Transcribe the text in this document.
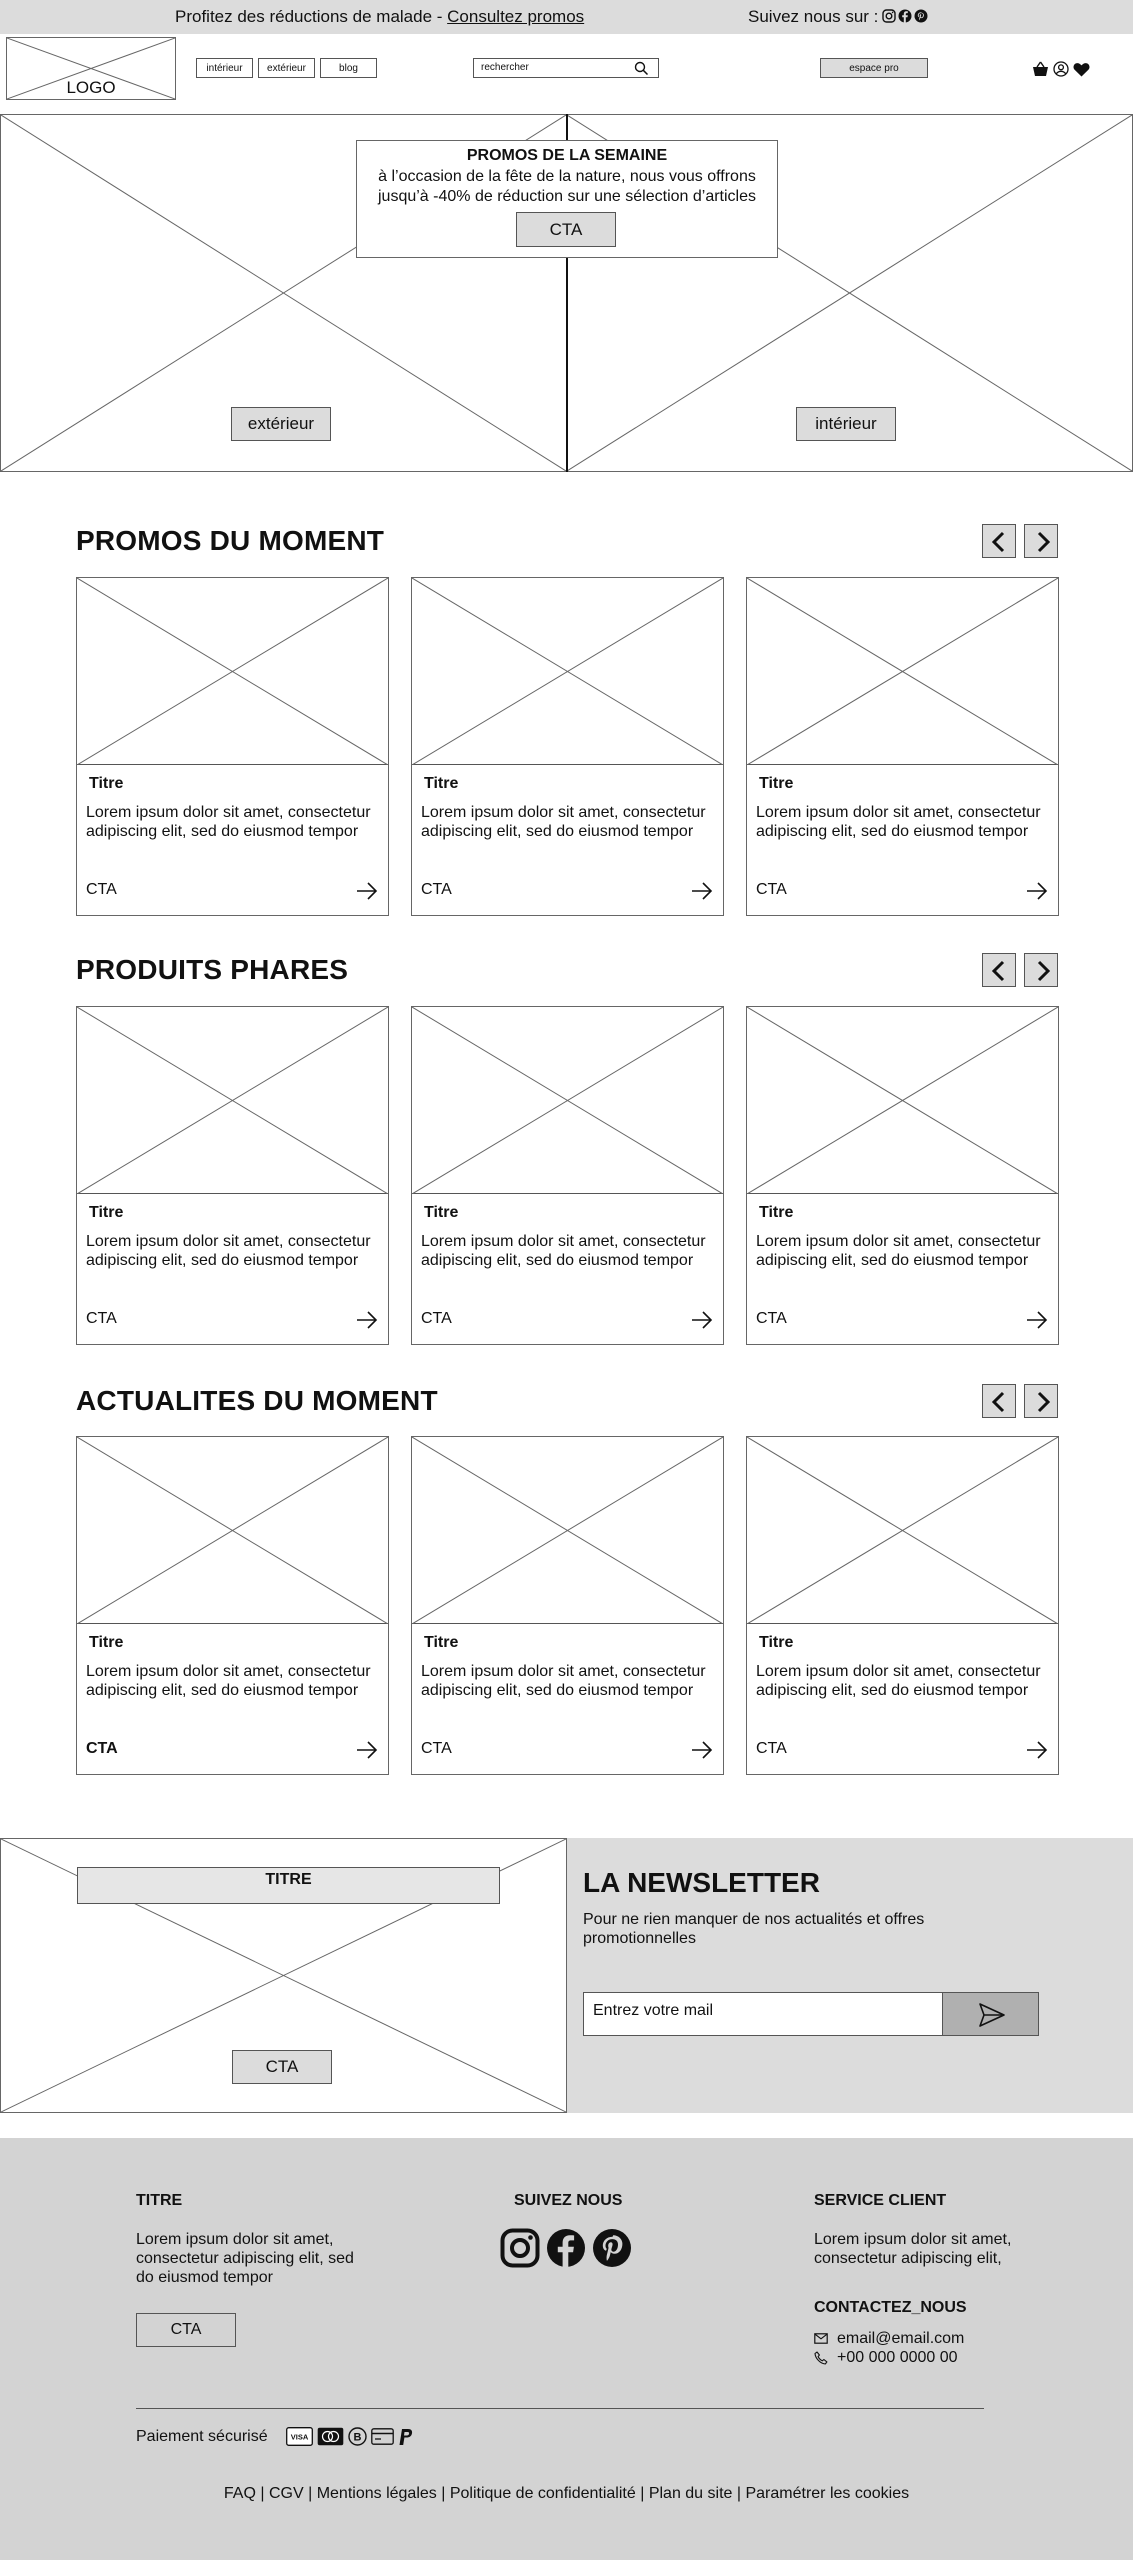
Profitez des réductions de malade - Consultez promos	Suivez nous sur :
LOGO
intérieur	extérieur	blog	rechercher	espace pro
PROMOS DE LA SEMAINE
à l’occasion de la fête de la nature, nous vous offrons
jusqu’à -40% de réduction sur une sélection d’articles
CTA
extérieur	intérieur
PROMOS DU MOMENT
Titre
Lorem ipsum dolor sit amet, consectetur adipiscing elit, sed do eiusmod tempor
CTA
Titre
Lorem ipsum dolor sit amet, consectetur adipiscing elit, sed do eiusmod tempor
CTA
Titre
Lorem ipsum dolor sit amet, consectetur adipiscing elit, sed do eiusmod tempor
CTA
PRODUITS PHARES
Titre
Lorem ipsum dolor sit amet, consectetur adipiscing elit, sed do eiusmod tempor
CTA
Titre
Lorem ipsum dolor sit amet, consectetur adipiscing elit, sed do eiusmod tempor
CTA
Titre
Lorem ipsum dolor sit amet, consectetur adipiscing elit, sed do eiusmod tempor
CTA
ACTUALITES DU MOMENT
Titre
Lorem ipsum dolor sit amet, consectetur adipiscing elit, sed do eiusmod tempor
CTA
Titre
Lorem ipsum dolor sit amet, consectetur adipiscing elit, sed do eiusmod tempor
CTA
Titre
Lorem ipsum dolor sit amet, consectetur adipiscing elit, sed do eiusmod tempor
CTA
TITRE
CTA
LA NEWSLETTER
Pour ne rien manquer de nos actualités et offres promotionnelles
Entrez votre mail
TITRE
Lorem ipsum dolor sit amet, consectetur adipiscing elit, sed do eiusmod tempor
CTA
SUIVEZ NOUS	SERVICE CLIENT
Lorem ipsum dolor sit amet, consectetur adipiscing elit,
CONTACTEZ_NOUS
email@email.com
+00 000 0000 00
Paiement sécurisé	VISA	B
FAQ | CGV | Mentions légales | Politique de confidentialité | Plan du site | Paramétrer les cookies
